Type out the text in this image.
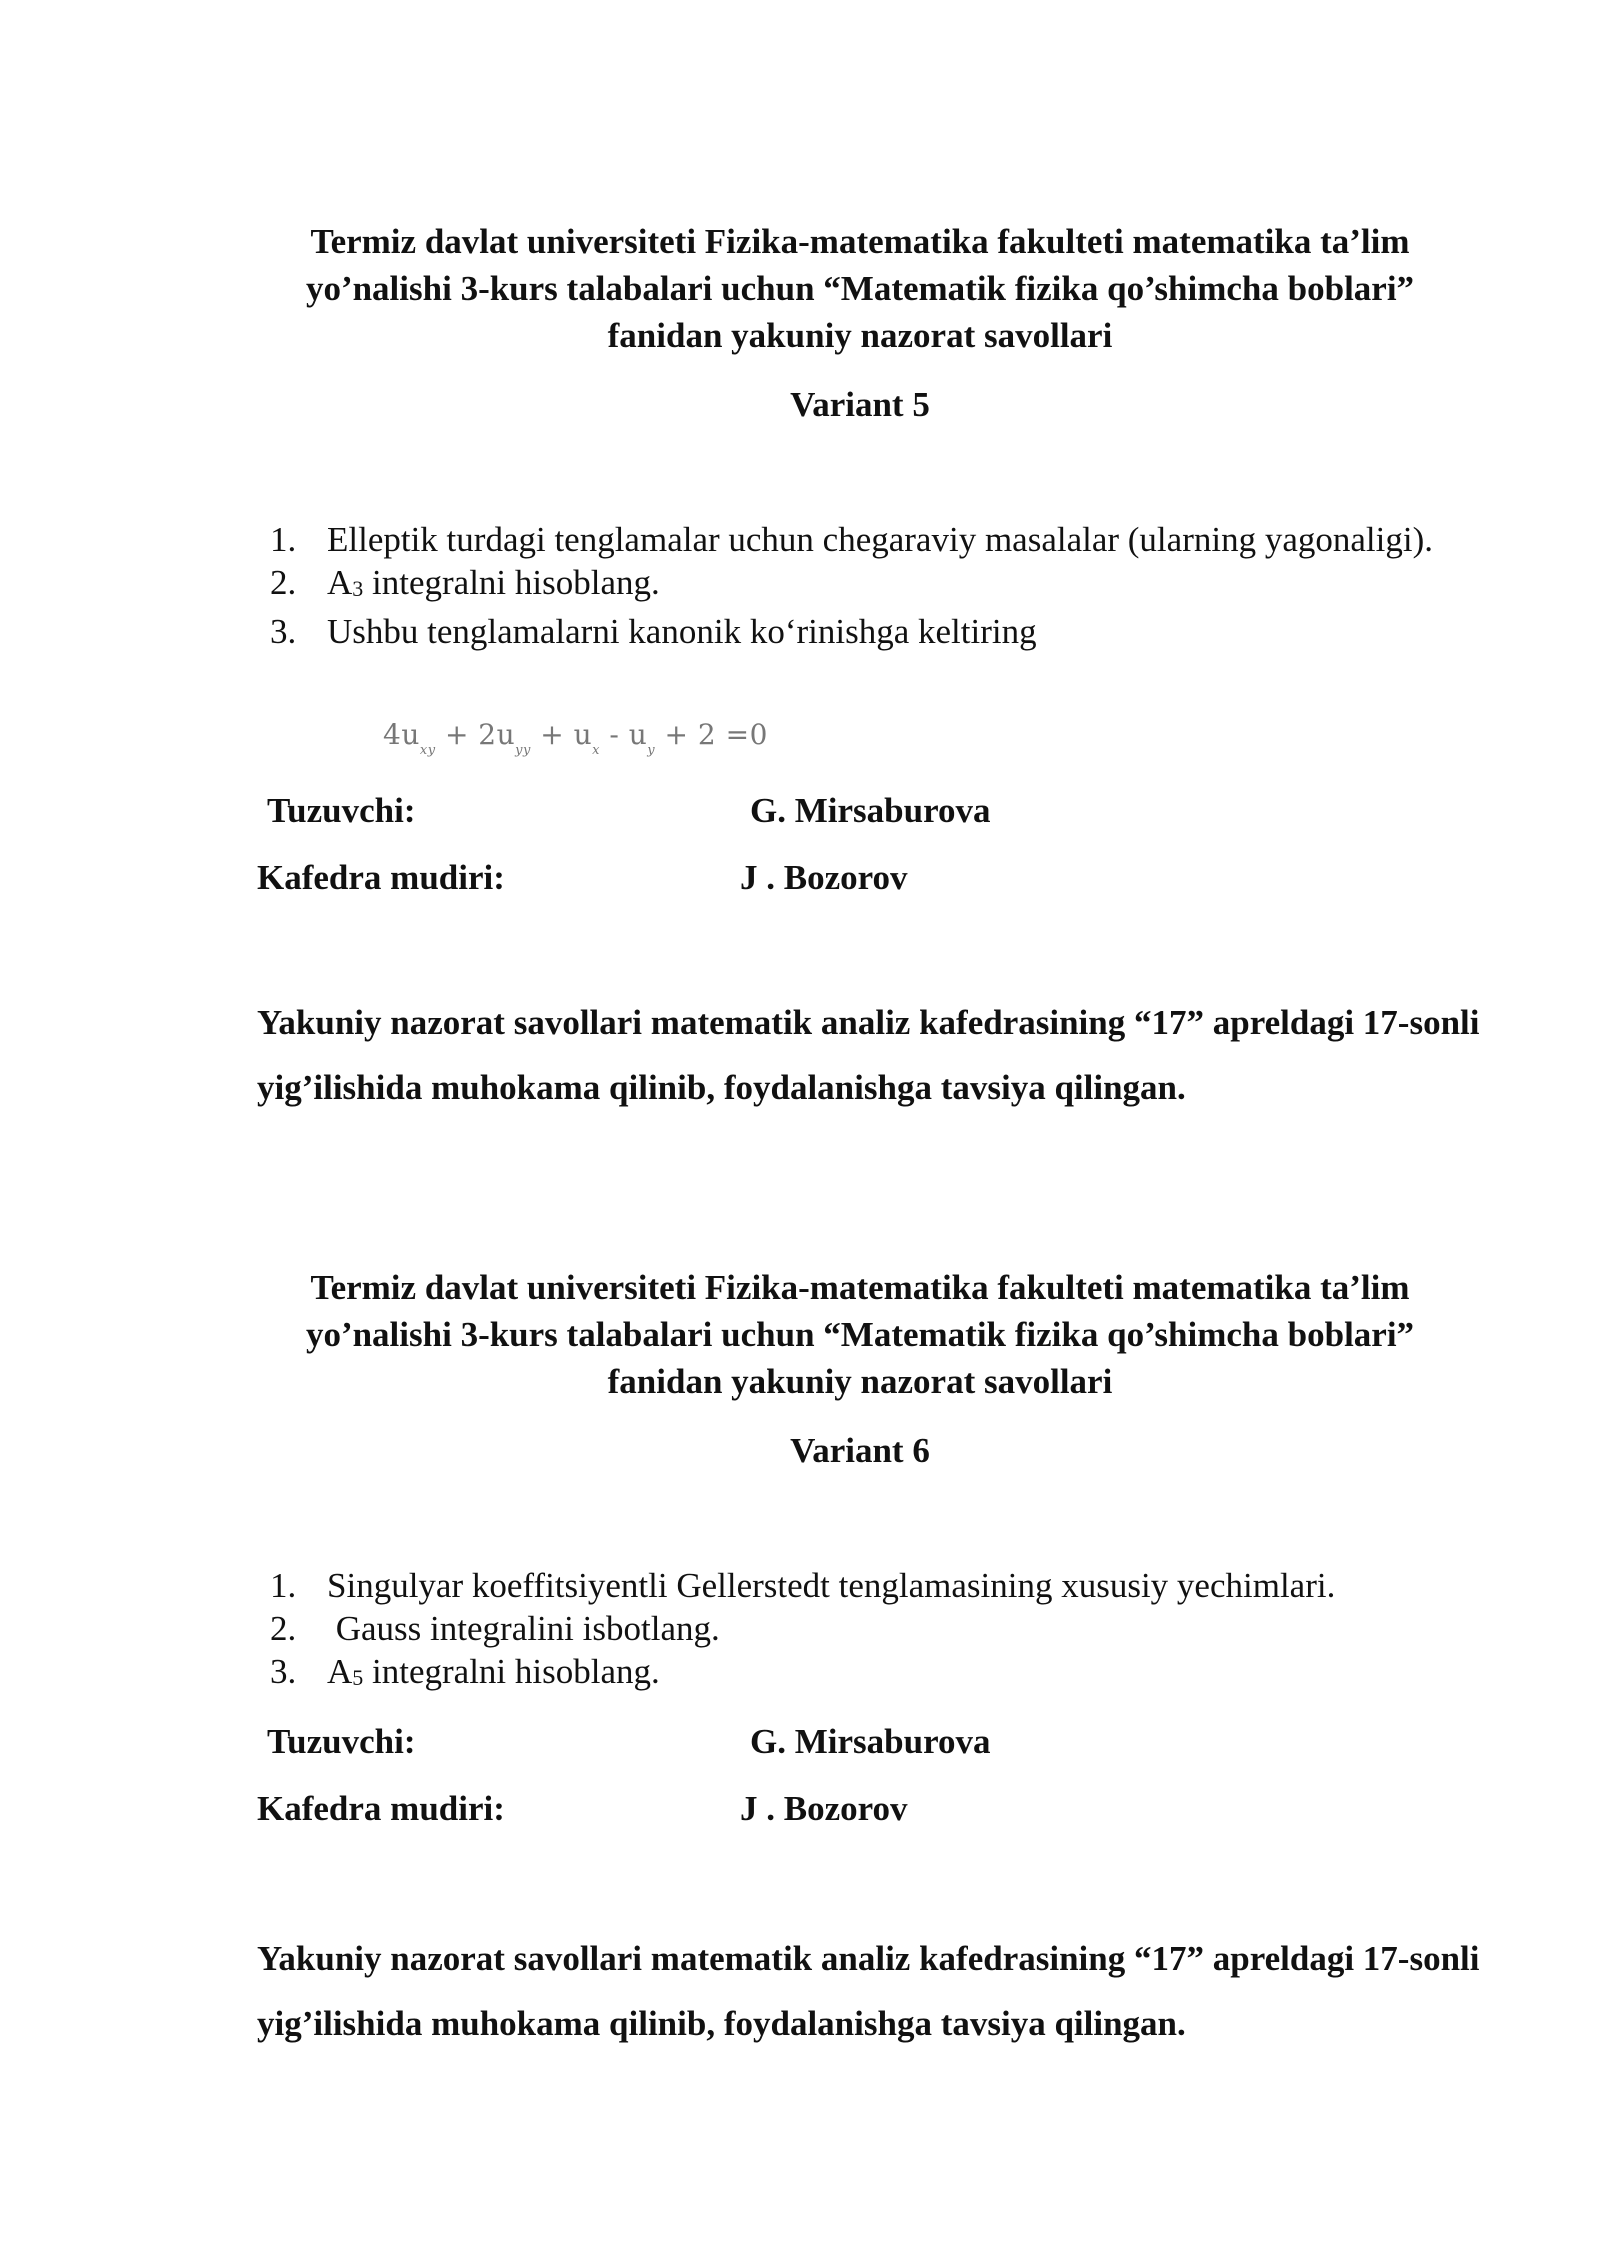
Termiz davlat universiteti Fizika-matematika fakulteti matematika ta’lim yo’nalishi 3-kurs talabalari uchun “Matematik fizika qo’shimcha boblari” fanidan yakuniy nazorat savollari
Variant 5
1. Elleptik turdagi tenglamalar uchun chegaraviy masalalar (ularning yagonaligi).
2. A3 integralni hisoblang.
3. Ushbu tenglamalarni kanonik ko‘rinishga keltiring
$4u_{xy} + 2u_{yy} + u_x - u_y + 2 =0$
Tuzuvchi:	G. Mirsaburova
Kafedra mudiri:	J . Bozorov
Yakuniy nazorat savollari matematik analiz kafedrasining “17” apreldagi 17-sonli yig’ilishida muhokama qilinib, foydalanishga tavsiya qilingan.
Termiz davlat universiteti Fizika-matematika fakulteti matematika ta’lim yo’nalishi 3-kurs talabalari uchun “Matematik fizika qo’shimcha boblari” fanidan yakuniy nazorat savollari
Variant 6
1. Singulyar koeffitsiyentli Gellerstedt tenglamasining xususiy yechimlari.
2. Gauss integralini isbotlang.
3. A5 integralni hisoblang.
Tuzuvchi:	G. Mirsaburova
Kafedra mudiri:	J . Bozorov
Yakuniy nazorat savollari matematik analiz kafedrasining “17” apreldagi 17-sonli yig’ilishida muhokama qilinib, foydalanishga tavsiya qilingan.
